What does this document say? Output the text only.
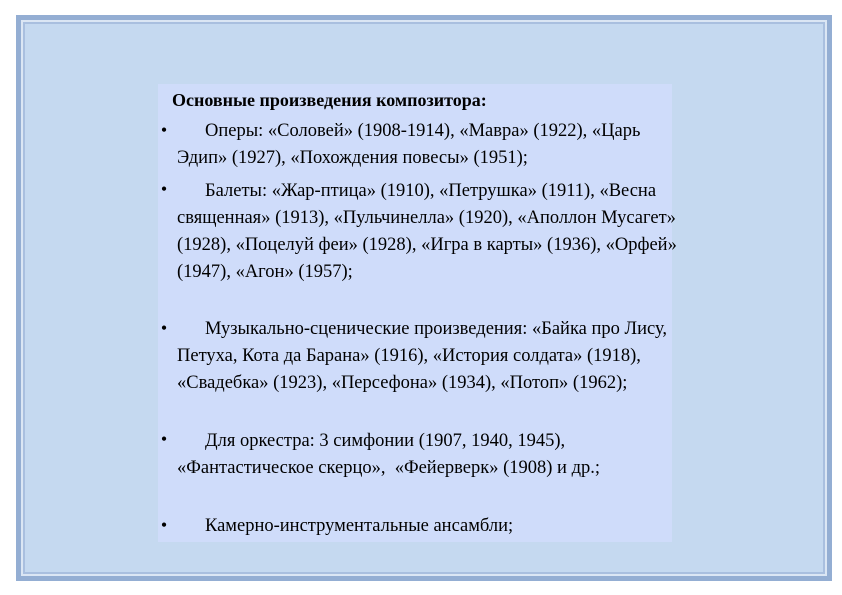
Основные произведения композитора:
•	Оперы: «Соловей» (1908-1914), «Мавра» (1922), «Царь Эдип» (1927), «Похождения повесы» (1951);
•	Балеты: «Жар-птица» (1910), «Петрушка» (1911), «Весна священная» (1913), «Пульчинелла» (1920), «Аполлон Мусагет» (1928), «Поцелуй феи» (1928), «Игра в карты» (1936), «Орфей» (1947), «Агон» (1957);
•	Музыкально-сценические произведения: «Байка про Лису, Петуха, Кота да Барана» (1916), «История солдата» (1918), «Свадебка» (1923), «Персефона» (1934), «Потоп» (1962);
•	Для оркестра: 3 симфонии (1907, 1940, 1945), «Фантастическое скерцо»,  «Фейерверк» (1908) и др.;
•	Камерно-инструментальные ансамбли;
